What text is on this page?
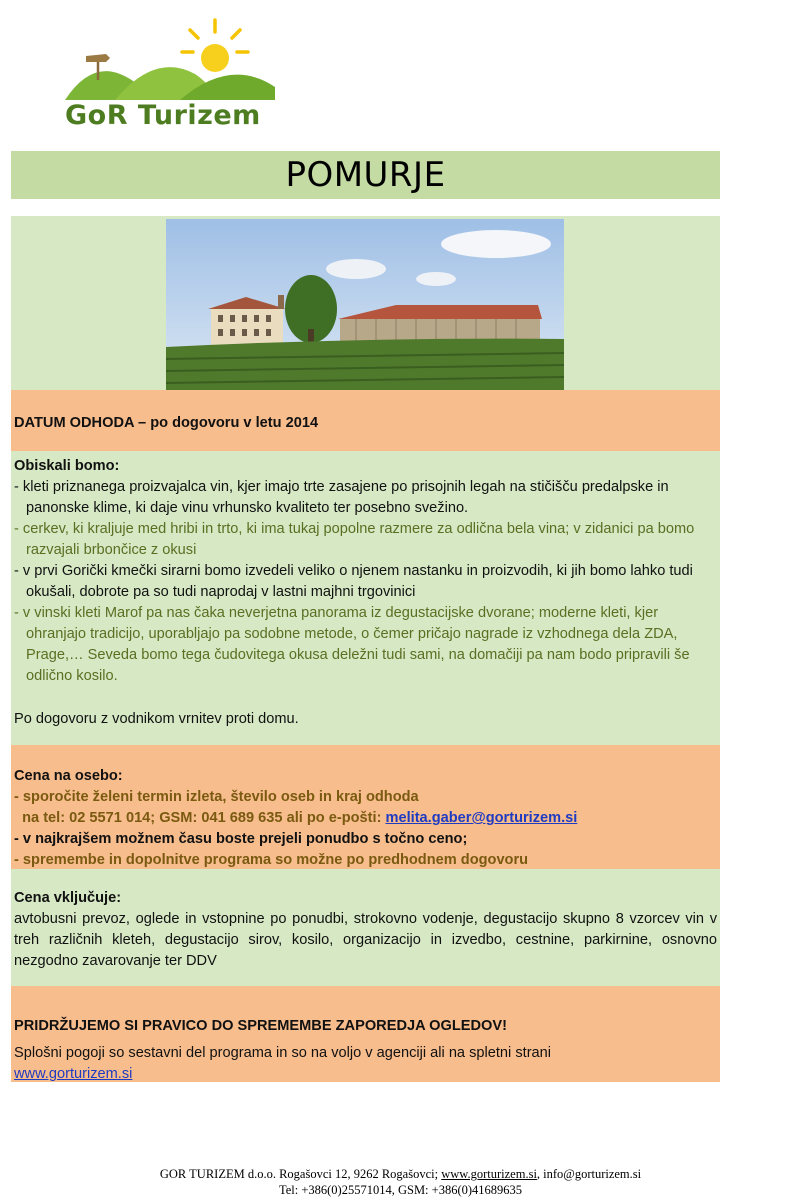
GoR Turizem
POMURJE
DATUM ODHODA – po dogovoru v letu 2014
Obiskali bomo:
- kleti priznanega proizvajalca vin, kjer imajo trte zasajene po prisojnih legah na stičišču predalpske in panonske klime, ki daje vinu vrhunsko kvaliteto ter posebno svežino.
- cerkev, ki kraljuje med hribi in trto, ki ima tukaj popolne razmere za odlična bela vina; v zidanici pa bomo razvajali brbončice z okusi
- v prvi Gorički kmečki sirarni bomo izvedeli veliko o njenem nastanku in proizvodih, ki jih bomo lahko tudi okušali, dobrote pa so tudi naprodaj v lastni majhni trgovinici
- v vinski kleti Marof pa nas čaka neverjetna panorama iz degustacijske dvorane; moderne kleti, kjer ohranjajo tradicijo, uporabljajo pa sodobne metode, o čemer pričajo nagrade iz vzhodnega dela ZDA, Prage,… Seveda bomo tega čudovitega okusa deležni tudi sami, na domačiji pa nam bodo pripravili še odlično kosilo.
Po dogovoru z vodnikom vrnitev proti domu.
Cena na osebo:
- sporočite želeni termin izleta, število oseb in kraj odhoda
na tel: 02 5571 014; GSM: 041 689 635 ali po e-pošti: melita.gaber@gorturizem.si
- v najkrajšem možnem času boste prejeli ponudbo s točno ceno;
- spremembe in dopolnitve programa so možne po predhodnem dogovoru
Cena vključuje:
avtobusni prevoz, oglede in vstopnine po ponudbi, strokovno vodenje, degustacijo skupno 8 vzorcev vin v treh različnih kleteh, degustacijo sirov, kosilo, organizacijo in izvedbo, cestnine, parkirnine, osnovno nezgodno zavarovanje ter DDV
PRIDRŽUJEMO SI PRAVICO DO SPREMEMBE ZAPOREDJA OGLEDOV!
Splošni pogoji so sestavni del programa in so na voljo v agenciji ali na spletni strani
www.gorturizem.si
GOR TURIZEM d.o.o. Rogašovci 12, 9262 Rogašovci; www.gorturizem.si, info@gorturizem.si
Tel: +386(0)25571014, GSM: +386(0)41689635
